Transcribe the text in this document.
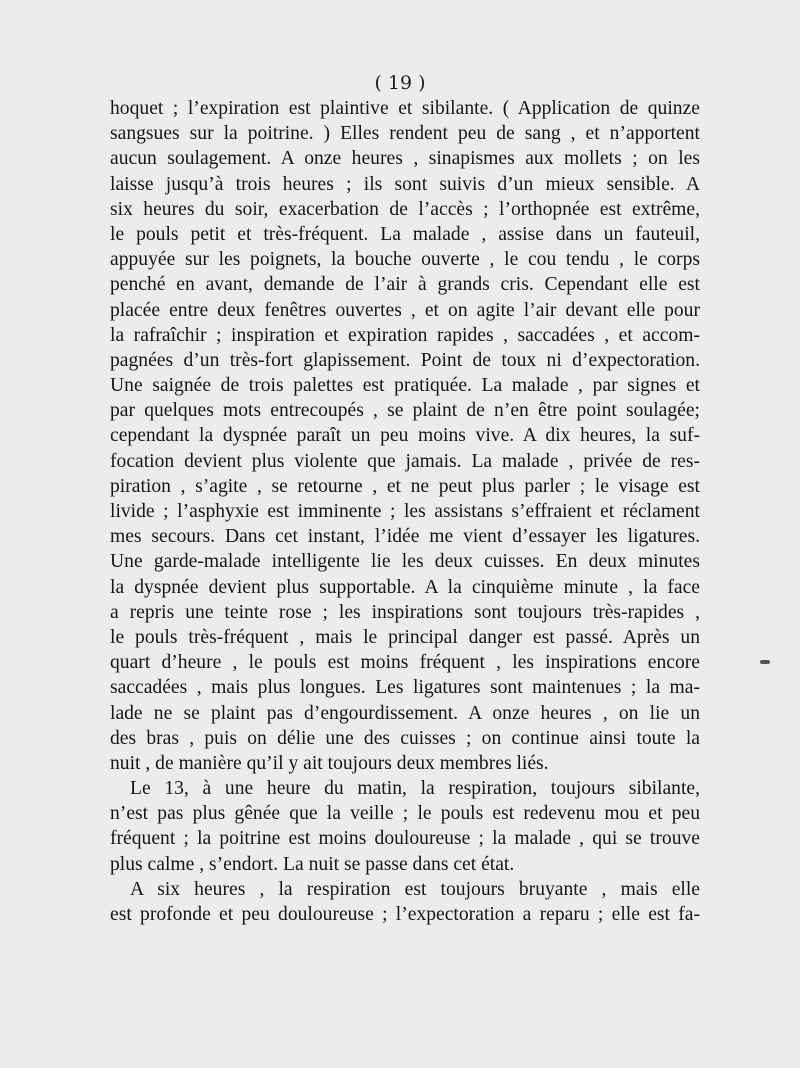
( 19 )
hoquet ; l’expiration est plaintive et sibilante. ( Application de quinze
sangsues sur la poitrine. ) Elles rendent peu de sang , et n’apportent
aucun soulagement. A onze heures , sinapismes aux mollets ; on les
laisse jusqu’à trois heures ; ils sont suivis d’un mieux sensible. A
six heures du soir, exacerbation de l’accès ; l’orthopnée est extrême,
le pouls petit et très-fréquent. La malade , assise dans un fauteuil,
appuyée sur les poignets, la bouche ouverte , le cou tendu , le corps
penché en avant, demande de l’air à grands cris. Cependant elle est
placée entre deux fenêtres ouvertes , et on agite l’air devant elle pour
la rafraîchir ; inspiration et expiration rapides , saccadées , et accom-
pagnées d’un très-fort glapissement. Point de toux ni d’expectoration.
Une saignée de trois palettes est pratiquée. La malade , par signes et
par quelques mots entrecoupés , se plaint de n’en être point soulagée;
cependant la dyspnée paraît un peu moins vive. A dix heures, la suf-
focation devient plus violente que jamais. La malade , privée de res-
piration , s’agite , se retourne , et ne peut plus parler ; le visage est
livide ; l’asphyxie est imminente ; les assistans s’effraient et réclament
mes secours. Dans cet instant, l’idée me vient d’essayer les ligatures.
Une garde-malade intelligente lie les deux cuisses. En deux minutes
la dyspnée devient plus supportable. A la cinquième minute , la face
a repris une teinte rose ; les inspirations sont toujours très-rapides ,
le pouls très-fréquent , mais le principal danger est passé. Après un
quart d’heure , le pouls est moins fréquent , les inspirations encore
saccadées , mais plus longues. Les ligatures sont maintenues ; la ma-
lade ne se plaint pas d’engourdissement. A onze heures , on lie un
des bras , puis on délie une des cuisses ; on continue ainsi toute la
nuit , de manière qu’il y ait toujours deux membres liés.
Le 13, à une heure du matin, la respiration, toujours sibilante,
n’est pas plus gênée que la veille ; le pouls est redevenu mou et peu
fréquent ; la poitrine est moins douloureuse ; la malade , qui se trouve
plus calme , s’endort. La nuit se passe dans cet état.
A six heures , la respiration est toujours bruyante , mais elle
est profonde et peu douloureuse ; l’expectoration a reparu ; elle est fa-
